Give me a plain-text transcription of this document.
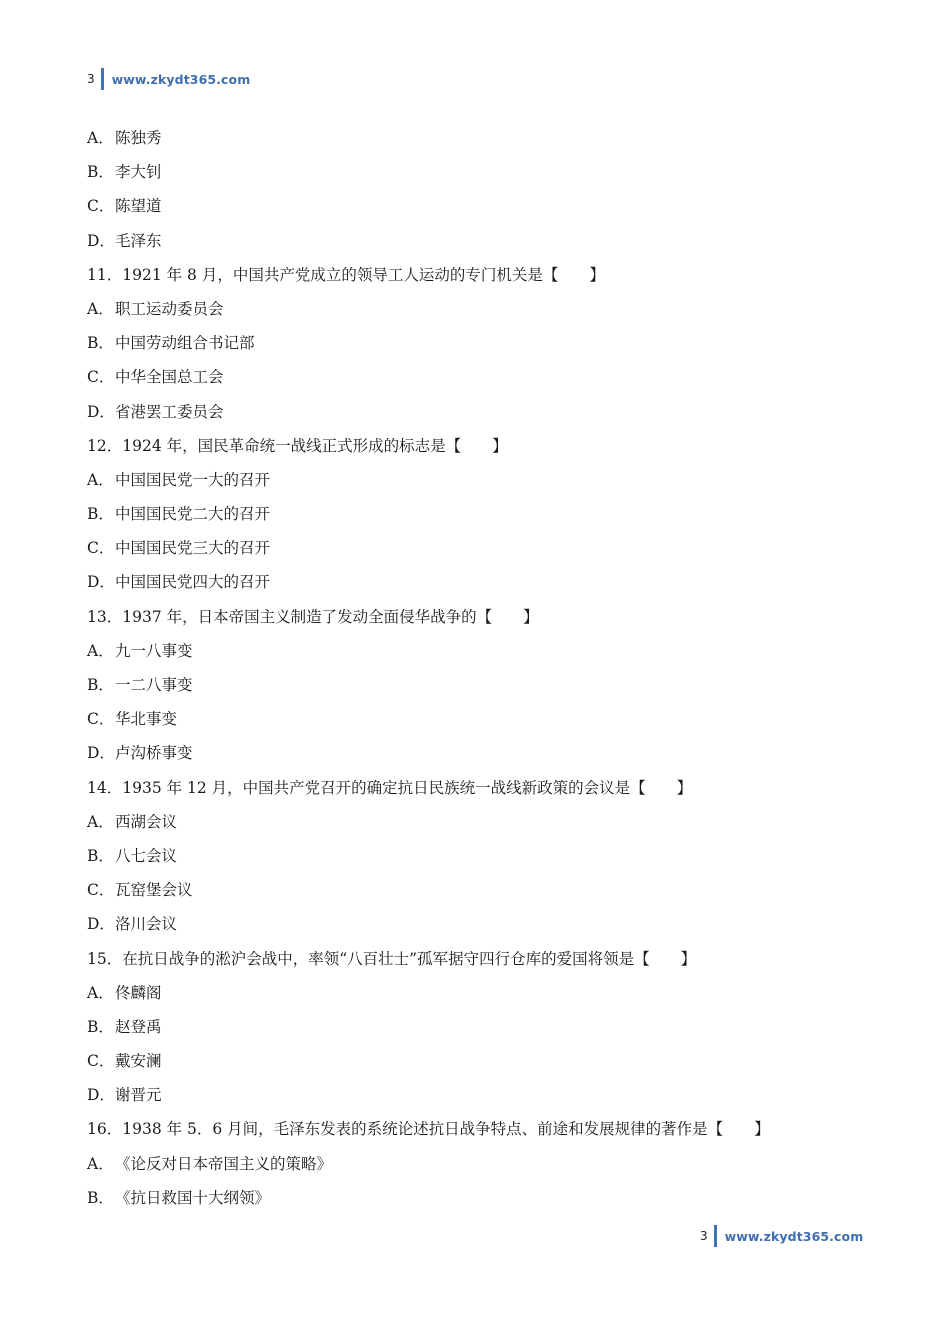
3 www.zkydt365.com
A．陈独秀
B．李大钊
C．陈望道
D．毛泽东
11．1921 年 8 月，中国共产党成立的领导工人运动的专门机关是【　　】
A．职工运动委员会
B．中国劳动组合书记部
C．中华全国总工会
D．省港罢工委员会
12．1924 年，国民革命统一战线正式形成的标志是【　　】
A．中国国民党一大的召开
B．中国国民党二大的召开
C．中国国民党三大的召开
D．中国国民党四大的召开
13．1937 年，日本帝国主义制造了发动全面侵华战争的【　　】
A．九一八事变
B．一二八事变
C．华北事变
D．卢沟桥事变
14．1935 年 12 月，中国共产党召开的确定抗日民族统一战线新政策的会议是【　　】
A．西湖会议
B．八七会议
C．瓦窑堡会议
D．洛川会议
15．在抗日战争的淞沪会战中，率领“八百壮士”孤军据守四行仓库的爱国将领是【　　】
A．佟麟阁
B．赵登禹
C．戴安澜
D．谢晋元
16．1938 年 5．6 月间，毛泽东发表的系统论述抗日战争特点、前途和发展规律的著作是【　　】
A．《论反对日本帝国主义的策略》
B．《抗日救国十大纲领》
3 www.zkydt365.com
